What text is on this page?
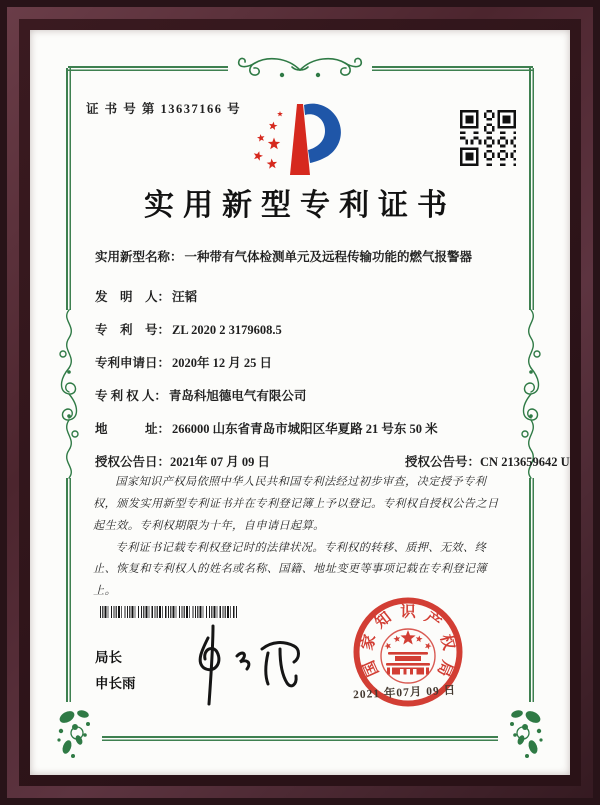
证 书 号 第 13637166 号
实用新型专利证书
实用新型名称： 一种带有气体检测单元及远程传输功能的燃气报警器
发　明　人： 汪韬
专　利　号： ZL 2020 2 3179608.5
专利申请日： 2020年 12 月 25 日
专 利 权 人： 青岛科旭德电气有限公司
地　　　址： 266000 山东省青岛市城阳区华夏路 21 号东 50 米
授权公告日：2021年 07 月 09 日	授权公告号：CN 213659642 U

国家知识产权局依照中华人民共和国专利法经过初步审查，决定授予专利权，颁发实用新型专利证书并在专利登记簿上予以登记。专利权自授权公告之日起生效。专利权期限为十年，自申请日起算。

专利证书记载专利权登记时的法律状况。专利权的转移、质押、无效、终止、恢复和专利权人的姓名或名称、国籍、地址变更等事项记载在专利登记簿上。

局长
申长雨
国
家
知 识 产
权
局
2021 年07月 09 日
